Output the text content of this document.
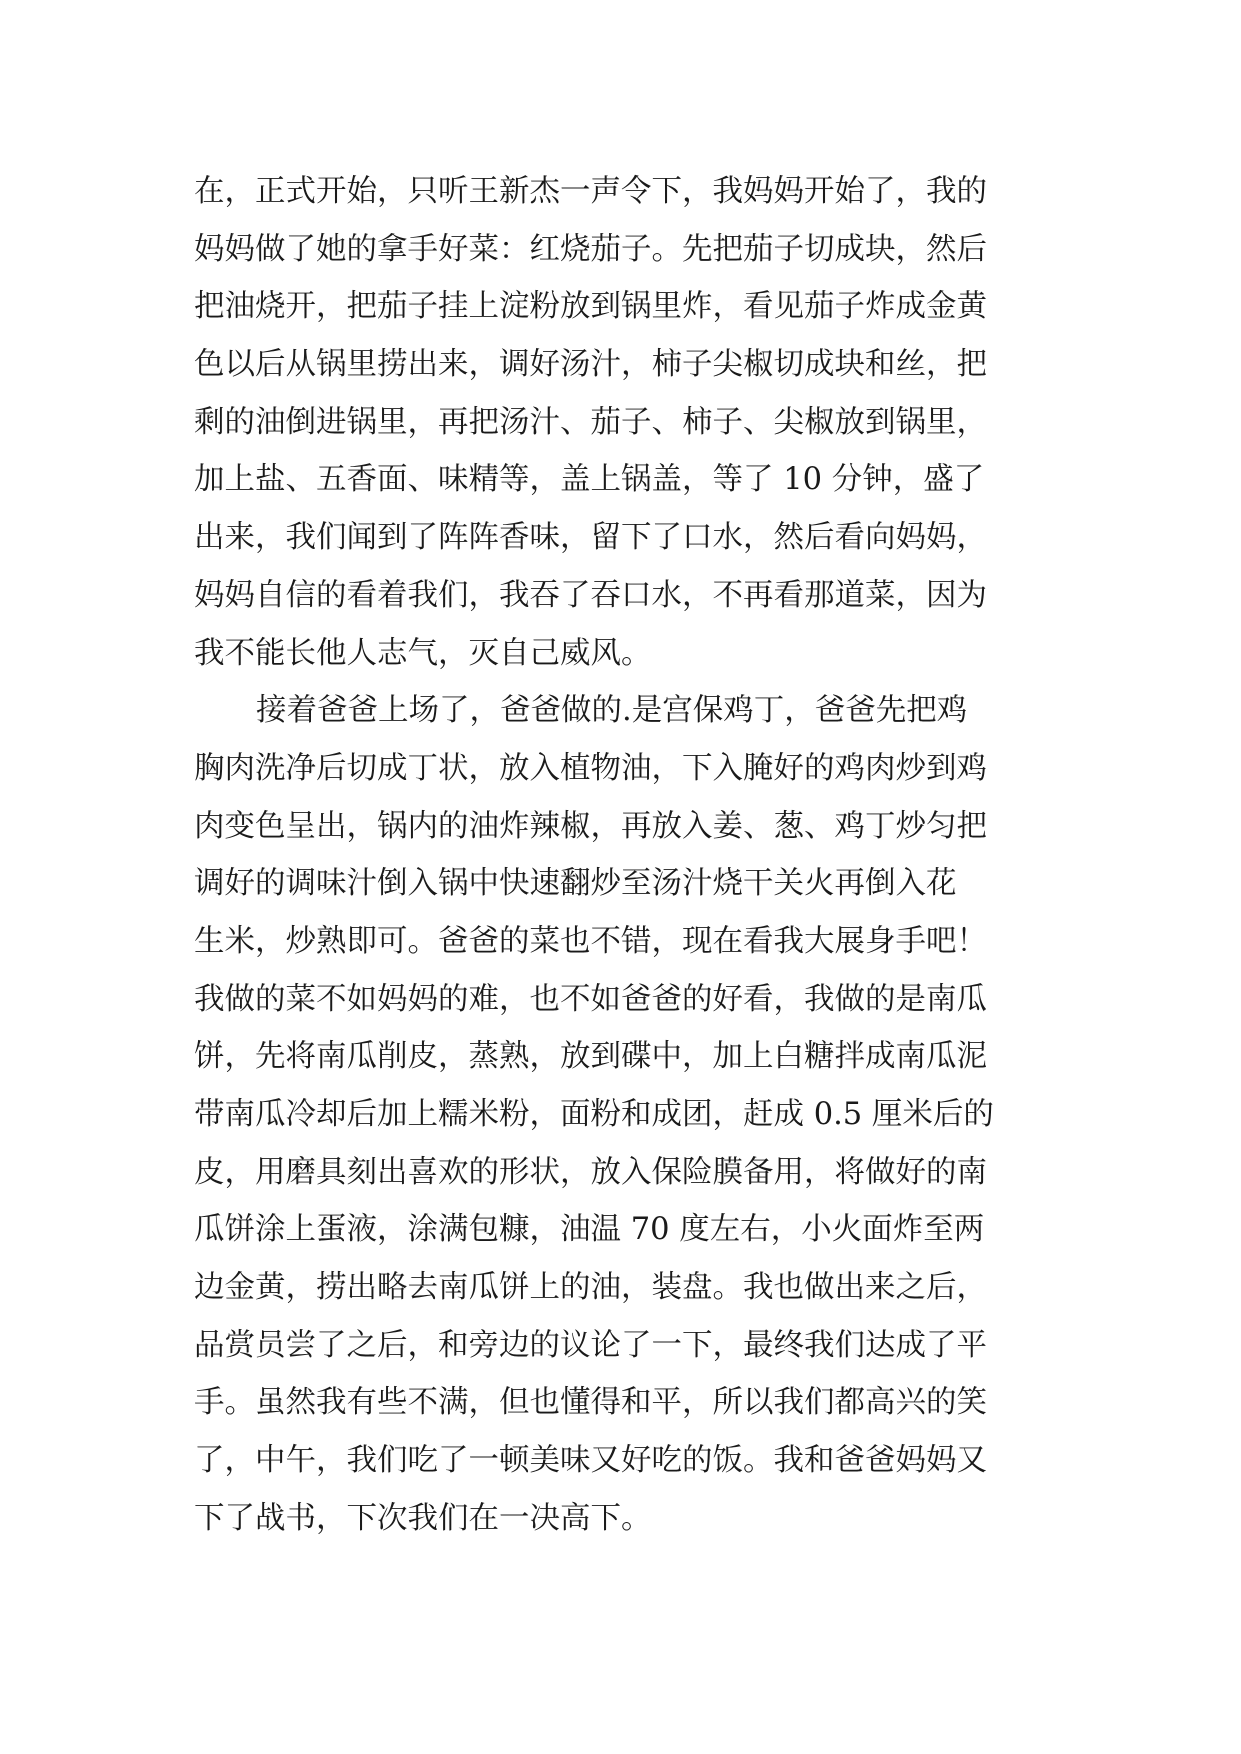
在，正式开始，只听王新杰一声令下，我妈妈开始了，我的
妈妈做了她的拿手好菜：红烧茄子。先把茄子切成块，然后
把油烧开，把茄子挂上淀粉放到锅里炸，看见茄子炸成金黄
色以后从锅里捞出来，调好汤汁，柿子尖椒切成块和丝，把
剩的油倒进锅里，再把汤汁、茄子、柿子、尖椒放到锅里，
加上盐、五香面、味精等，盖上锅盖，等了 10 分钟，盛了
出来，我们闻到了阵阵香味，留下了口水，然后看向妈妈，
妈妈自信的看着我们，我吞了吞口水，不再看那道菜，因为
我不能长他人志气，灭自己威风。
接着爸爸上场了，爸爸做的.是宫保鸡丁，爸爸先把鸡
胸肉洗净后切成丁状，放入植物油，下入腌好的鸡肉炒到鸡
肉变色呈出，锅内的油炸辣椒，再放入姜、葱、鸡丁炒匀把
调好的调味汁倒入锅中快速翻炒至汤汁烧干关火再倒入花
生米，炒熟即可。爸爸的菜也不错，现在看我大展身手吧！
我做的菜不如妈妈的难，也不如爸爸的好看，我做的是南瓜
饼，先将南瓜削皮，蒸熟，放到碟中，加上白糖拌成南瓜泥
带南瓜冷却后加上糯米粉，面粉和成团，赶成 0.5 厘米后的
皮，用磨具刻出喜欢的形状，放入保险膜备用，将做好的南
瓜饼涂上蛋液，涂满包糠，油温 70 度左右，小火面炸至两
边金黄，捞出略去南瓜饼上的油，装盘。我也做出来之后，
品赏员尝了之后，和旁边的议论了一下，最终我们达成了平
手。虽然我有些不满，但也懂得和平，所以我们都高兴的笑
了，中午，我们吃了一顿美味又好吃的饭。我和爸爸妈妈又
下了战书，下次我们在一决高下。
